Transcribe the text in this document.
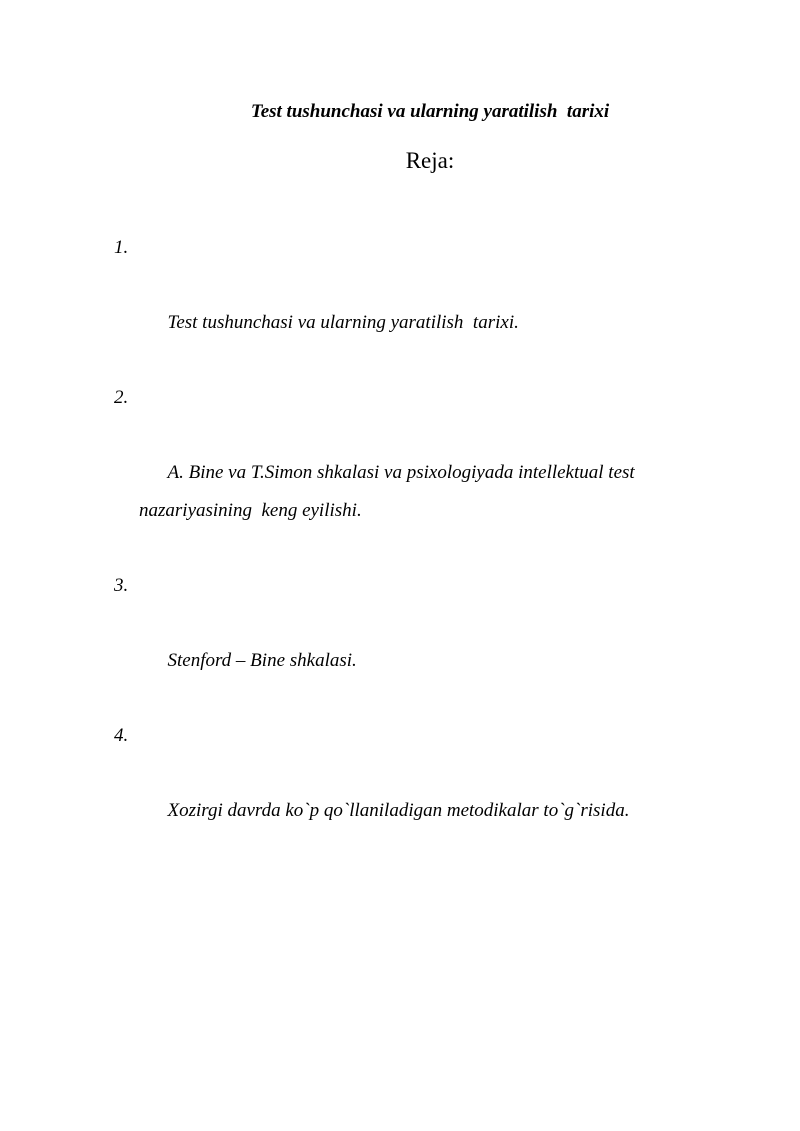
Test tushunchasi va ularning yaratilish  tarixi
Reja:

1.

Test tushunchasi va ularning yaratilish  tarixi.

2.

A. Bine va T.Simon shkalasi va psixologiyada intellektual test nazariyasining  keng eyilishi.

3.

Stenford – Bine shkalasi.

4.

Xozirgi davrda ko`p qo`llaniladigan metodikalar to`g`risida.
